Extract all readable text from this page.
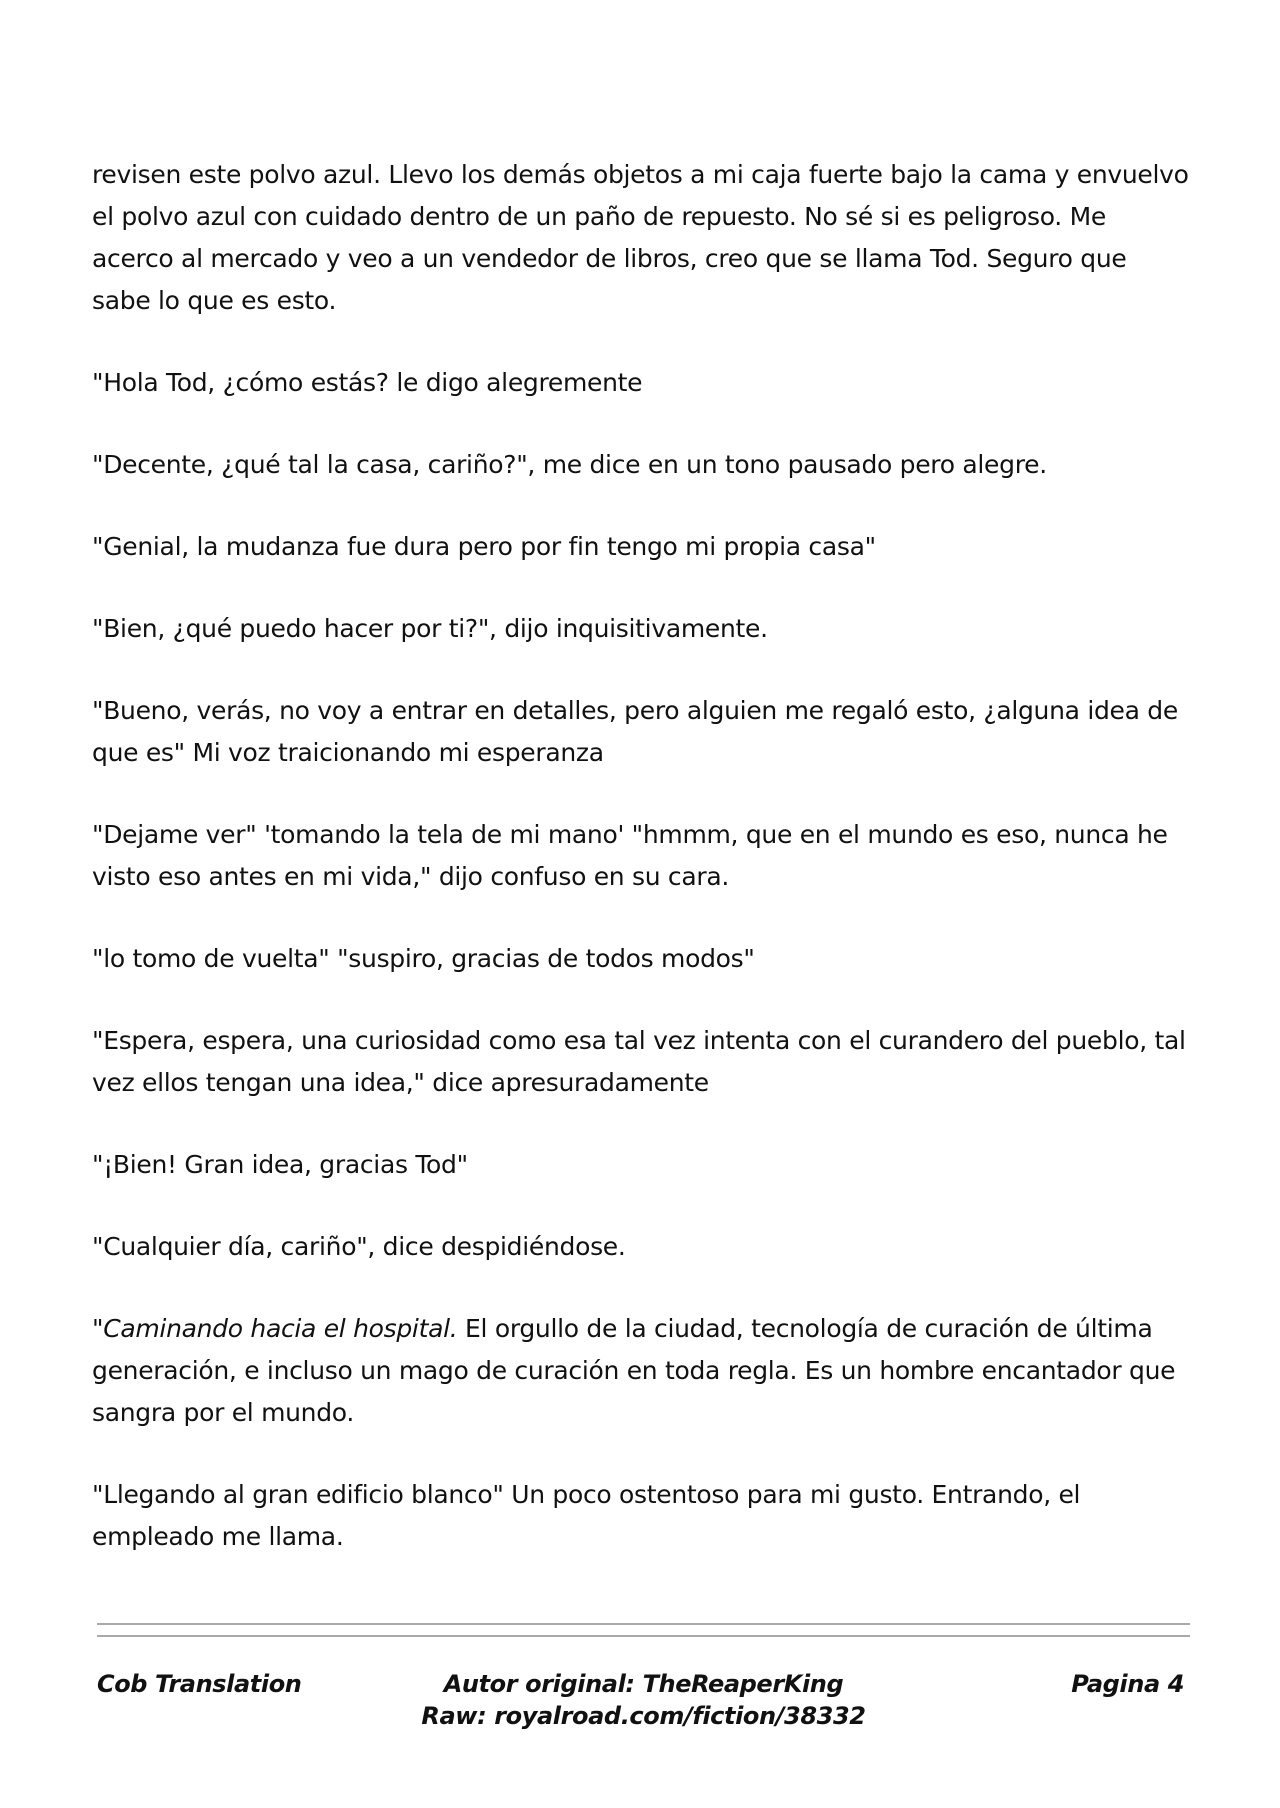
revisen este polvo azul. Llevo los demás objetos a mi caja fuerte bajo la cama y envuelvo el polvo azul con cuidado dentro de un paño de repuesto. No sé si es peligroso. Me acerco al mercado y veo a un vendedor de libros, creo que se llama Tod. Seguro que sabe lo que es esto.

"Hola Tod, ¿cómo estás? le digo alegremente

"Decente, ¿qué tal la casa, cariño?", me dice en un tono pausado pero alegre.

"Genial, la mudanza fue dura pero por fin tengo mi propia casa"

"Bien, ¿qué puedo hacer por ti?", dijo inquisitivamente.

"Bueno, verás, no voy a entrar en detalles, pero alguien me regaló esto, ¿alguna idea de que es" Mi voz traicionando mi esperanza

"Dejame ver" 'tomando la tela de mi mano' "hmmm, que en el mundo es eso, nunca he visto eso antes en mi vida," dijo confuso en su cara.

"lo tomo de vuelta" "suspiro, gracias de todos modos"

"Espera, espera, una curiosidad como esa tal vez intenta con el curandero del pueblo, tal vez ellos tengan una idea," dice apresuradamente

"¡Bien! Gran idea, gracias Tod"

"Cualquier día, cariño", dice despidiéndose.

"Caminando hacia el hospital. El orgullo de la ciudad, tecnología de curación de última generación, e incluso un mago de curación en toda regla. Es un hombre encantador que sangra por el mundo.

"Llegando al gran edificio blanco" Un poco ostentoso para mi gusto. Entrando, el empleado me llama.

Cob Translation	Autor original: TheReaperKing
Raw: royalroad.com/fiction/38332
Pagina 4
